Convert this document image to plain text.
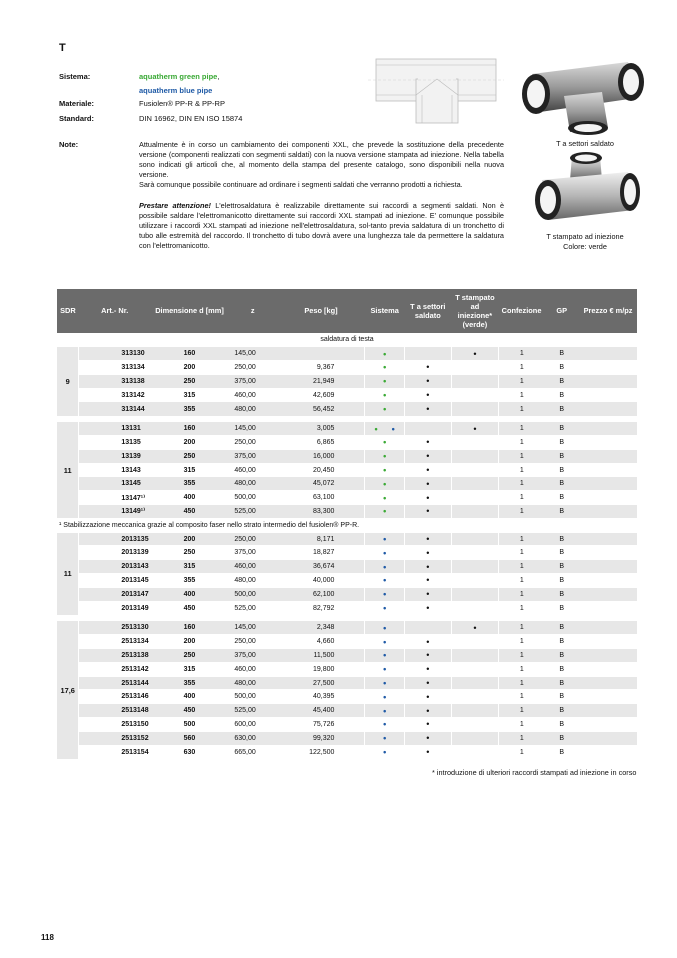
T
Sistema:	aquatherm green pipe,
aquatherm blue pipe
Materiale:	Fusiolen® PP-R & PP-RP
Standard:	DIN 16962, DIN EN ISO 15874
Note:	Attualmente è in corso un cambiamento dei componenti XXL, che prevede la sostituzione della precedente versione (componenti realizzati con segmenti saldati) con la nuova versione stampata ad iniezione. Nella tabella sono indicati gli articoli che, al momento della stampa del presente catalogo, sono disponibili nella nuova versione.
Sarà comunque possibile continuare ad ordinare i segmenti saldati che verranno prodotti a richiesta.

Prestare attenzione! L'elettrosaldatura è realizzabile direttamente sui raccordi a segmenti saldati. Non è possibile saldare l'elettromanicotto direttamente sui raccordi XXL stampati ad iniezione. E' comunque possibile utilizzare i raccordi XXL stampati ad iniezione nell'elettrosaldatura, sol-tanto previa saldatura di un tronchetto di tubo alle estremità del raccordo. Il tronchetto di tubo dovrà avere una lunghezza tale da permettere la saldatura con l'elettromanicotto.

T a settori saldato
T stampato ad iniezione
Colore: verde
SDR	Art.- Nr.	Dimensione d [mm]	z	Peso [kg]	Sistema	T a settori saldato	T stampato ad iniezione* (verde)	Confezione	GP	Prezzo € m/pz
saldatura di testa										
9	313130	160	145,00		•		•	1	B	
	313134	200	250,00	9,367	•	•		1	B	
	313138	250	375,00	21,949	•	•		1	B	
	313142	315	460,00	42,609	•	•		1	B	
	313144	355	480,00	56,452	•	•		1	B	

11	13131	160	145,00	3,005	• •		•	1	B	
	13135	200	250,00	6,865	•	•		1	B	
	13139	250	375,00	16,000	•	•		1	B	
	13143	315	460,00	20,450	•	•		1	B	
	13145	355	480,00	45,072	•	•		1	B	
	13147¹⁾	400	500,00	63,100	•	•		1	B	
	13149¹⁾	450	525,00	83,300	•	•		1	B	
¹ Stabilizzazione meccanica grazie al composito faser nello strato intermedio del fusiolen® PP-R.										
11	2013135	200	250,00	8,171	•	•		1	B	
	2013139	250	375,00	18,827	•	•		1	B	
	2013143	315	460,00	36,674	•	•		1	B	
	2013145	355	480,00	40,000	•	•		1	B	
	2013147	400	500,00	62,100	•	•		1	B	
	2013149	450	525,00	82,792	•	•		1	B	

17,6	2513130	160	145,00	2,348	•		•	1	B	
	2513134	200	250,00	4,660	•	•		1	B	
	2513138	250	375,00	11,500	•	•		1	B	
	2513142	315	460,00	19,800	•	•		1	B	
	2513144	355	480,00	27,500	•	•		1	B	
	2513146	400	500,00	40,395	•	•		1	B	
	2513148	450	525,00	45,400	•	•		1	B	
	2513150	500	600,00	75,726	•	•		1	B	
	2513152	560	630,00	99,320	•	•		1	B	
	2513154	630	665,00	122,500	•	•		1	B	
* introduzione di ulteriori raccordi stampati ad iniezione in corso
118
